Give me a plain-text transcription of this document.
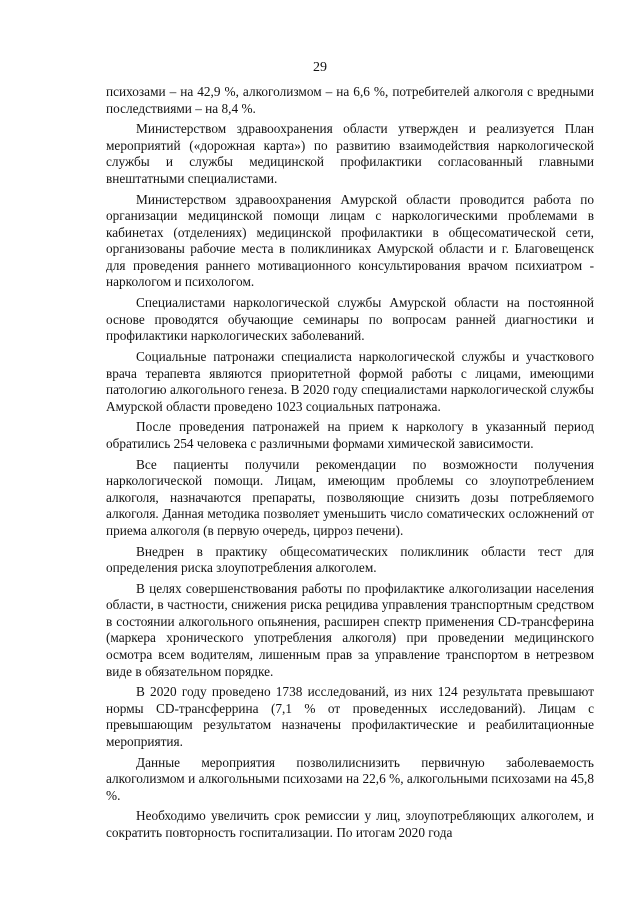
29

психозами – на 42,9 %, алкоголизмом – на 6,6 %, потребителей алкоголя с вредными последствиями – на 8,4 %.

Министерством здравоохранения области утвержден и реализуется План мероприятий («дорожная карта») по развитию взаимодействия наркологической службы и службы медицинской профилактики согласованный главными внештатными специалистами.

Министерством здравоохранения Амурской области проводится работа по организации медицинской помощи лицам с наркологическими проблемами в кабинетах (отделениях) медицинской профилактики в общесоматической сети, организованы рабочие места в поликлиниках Амурской области и г. Благовещенск для проведения раннего мотивационного консультирования врачом психиатром - наркологом и психологом.

Специалистами наркологической службы Амурской области на постоянной основе проводятся обучающие семинары по вопросам ранней диагностики и профилактики наркологических заболеваний.

Социальные патронажи специалиста наркологической службы и участкового врача терапевта являются приоритетной формой работы с лицами, имеющими патологию алкогольного генеза. В 2020 году специалистами наркологической службы Амурской области проведено 1023 социальных патронажа.

После проведения патронажей на прием к наркологу в указанный период обратились 254 человека с различными формами химической зависимости.

Все пациенты получили рекомендации по возможности получения наркологической помощи. Лицам, имеющим проблемы со злоупотреблением алкоголя, назначаются препараты, позволяющие снизить дозы потребляемого алкоголя. Данная методика позволяет уменьшить число соматических осложнений от приема алкоголя (в первую очередь, цирроз печени).

Внедрен в практику общесоматических поликлиник области тест для определения риска злоупотребления алкоголем.

В целях совершенствования работы по профилактике алкоголизации населения области, в частности, снижения риска рецидива управления транспортным средством в состоянии алкогольного опьянения, расширен спектр применения CD-трансферина (маркера хронического употребления алкоголя) при проведении медицинского осмотра всем водителям, лишенным прав за управление транспортом в нетрезвом виде в обязательном порядке.

В 2020 году проведено 1738 исследований, из них 124 результата превышают нормы CD-трансферрина (7,1 % от проведенных исследований). Лицам с превышающим результатом назначены профилактические и реабилитационные мероприятия.

Данные мероприятия позволилиснизить первичную заболеваемость алкоголизмом и алкогольными психозами на 22,6 %, алкогольными психозами на 45,8 %.

Необходимо увеличить срок ремиссии у лиц, злоупотребляющих алкоголем, и сократить повторность госпитализации. По итогам 2020 года
